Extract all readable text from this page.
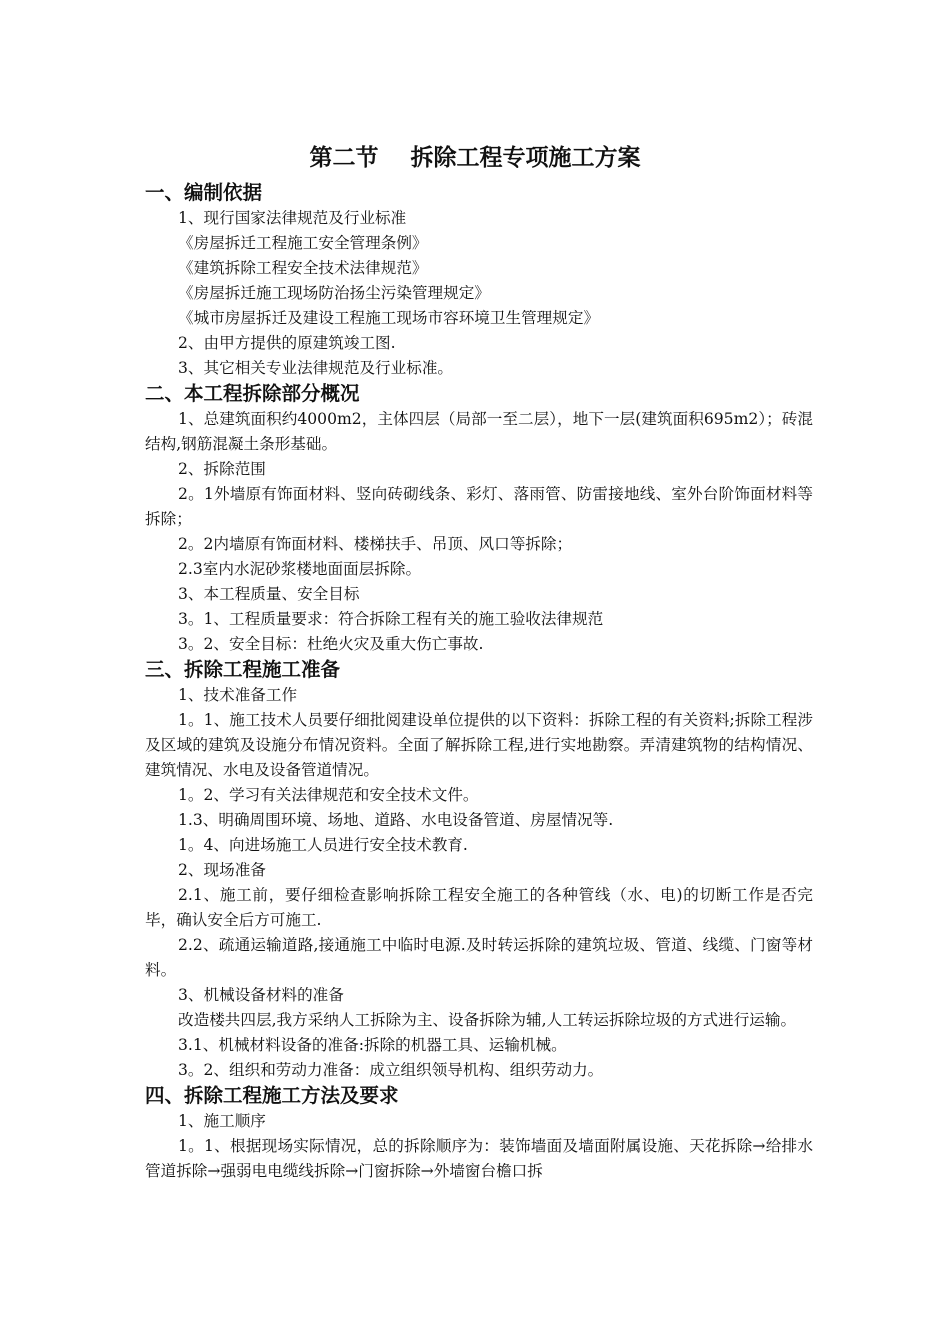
第二节    拆除工程专项施工方案
一、编制依据
1、现行国家法律规范及行业标准
《房屋拆迁工程施工安全管理条例》
《建筑拆除工程安全技术法律规范》
《房屋拆迁施工现场防治扬尘污染管理规定》
《城市房屋拆迁及建设工程施工现场市容环境卫生管理规定》
2、由甲方提供的原建筑竣工图.
3、其它相关专业法律规范及行业标准。
二、本工程拆除部分概况
1、总建筑面积约4000m2，主体四层（局部一至二层），地下一层(建筑面积695m2）；砖混结构,钢筋混凝土条形基础。
2、拆除范围
2。1外墙原有饰面材料、竖向砖砌线条、彩灯、落雨管、防雷接地线、室外台阶饰面材料等拆除；
2。2内墙原有饰面材料、楼梯扶手、吊顶、风口等拆除；
2.3室内水泥砂浆楼地面面层拆除。
3、本工程质量、安全目标
3。1、工程质量要求：符合拆除工程有关的施工验收法律规范
3。2、安全目标：杜绝火灾及重大伤亡事故.
三、拆除工程施工准备
1、技术准备工作
1。1、施工技术人员要仔细批阅建设单位提供的以下资料：拆除工程的有关资料;拆除工程涉及区域的建筑及设施分布情况资料。全面了解拆除工程,进行实地勘察。弄清建筑物的结构情况、建筑情况、水电及设备管道情况。
1。2、学习有关法律规范和安全技术文件。
1.3、明确周围环境、场地、道路、水电设备管道、房屋情况等.
1。4、向进场施工人员进行安全技术教育.
2、现场准备
2.1、施工前，要仔细检查影响拆除工程安全施工的各种管线（水、电)的切断工作是否完毕，确认安全后方可施工.
2.2、疏通运输道路,接通施工中临时电源.及时转运拆除的建筑垃圾、管道、线缆、门窗等材料。
3、机械设备材料的准备
改造楼共四层,我方采纳人工拆除为主、设备拆除为辅,人工转运拆除垃圾的方式进行运输。
3.1、机械材料设备的准备:拆除的机器工具、运输机械。
3。2、组织和劳动力准备：成立组织领导机构、组织劳动力。
四、拆除工程施工方法及要求
1、施工顺序
1。1、根据现场实际情况，总的拆除顺序为：装饰墙面及墙面附属设施、天花拆除→给排水管道拆除→强弱电电缆线拆除→门窗拆除→外墙窗台檐口拆
